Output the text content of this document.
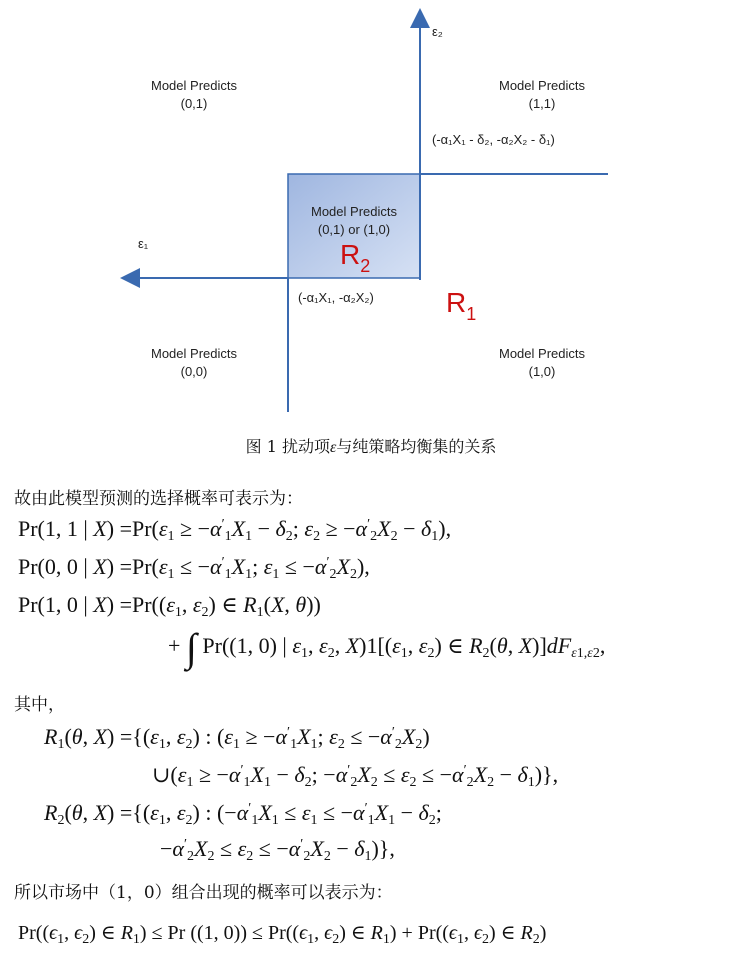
ε₂
ε₁
Model Predicts
(0,1)
Model Predicts
(1,1)
Model Predicts
(0,0)
Model Predicts
(1,0)
Model Predicts
(0,1) or (1,0)
$R_2$
$R_1$
(-α₁X₁ - δ₂, -α₂X₂ - δ₁)
(-α₁X₁, -α₂X₂)
图 1 扰动项ε与纯策略均衡集的关系
故由此模型预测的选择概率可表示为：
Pr(1, 1 | $X) =Pr(\varepsilon_1 \ge -\alpha'_1X_1 - \delta_2$; $\varepsilon_2 \ge -\alpha'_2X_2 - \delta_1$),
Pr(0, 0 | $X) =Pr(\varepsilon_1 \le -\alpha'_1X_1$; $\varepsilon_1 \le -\alpha'_2X_2$),
Pr(1, 0 | $X) =Pr((\varepsilon_1$, $\varepsilon_2$) ∈ $R_1(X$, θ))
+ ∫ Pr((1, 0) | $\varepsilon_1$, $\varepsilon_2$, $X)1[(\varepsilon_1$, $\varepsilon_2$) ∈ $R_2(\theta$, $X)]dF_{\varepsilon 1,\varepsilon 2}$,
其中，
$R_1(\theta$, $X) =\{(\varepsilon_1$, $\varepsilon_2$) : ($\varepsilon_1 \ge -\alpha'_1X_1$; $\varepsilon_2 \le -\alpha'_2X_2$)
$\cup(\varepsilon_1 \ge -\alpha'_1X_1 - \delta_2$; $-\alpha'_2X_2 \le \varepsilon_2 \le -\alpha'_2X_2 - \delta_1$)},
$R_2(\theta$, $X) =\{(\varepsilon_1$, $\varepsilon_2$) : ($-\alpha'_1X_1 \le \varepsilon_1 \le -\alpha'_1X_1 - \delta_2$;
$-\alpha'_2X_2 \le \varepsilon_2 \le -\alpha'_2X_2 - \delta_1$)},
所以市场中（1，0）组合出现的概率可以表示为：
$Pr((\epsilon_1$, $\epsilon_2$) ∈ $R_1) \le Pr$ ((1, $0)) \le Pr((\epsilon_1$, $\epsilon_2$) ∈ $R_1) + Pr((\epsilon_1$, $\epsilon_2$) ∈ $R_2$)
